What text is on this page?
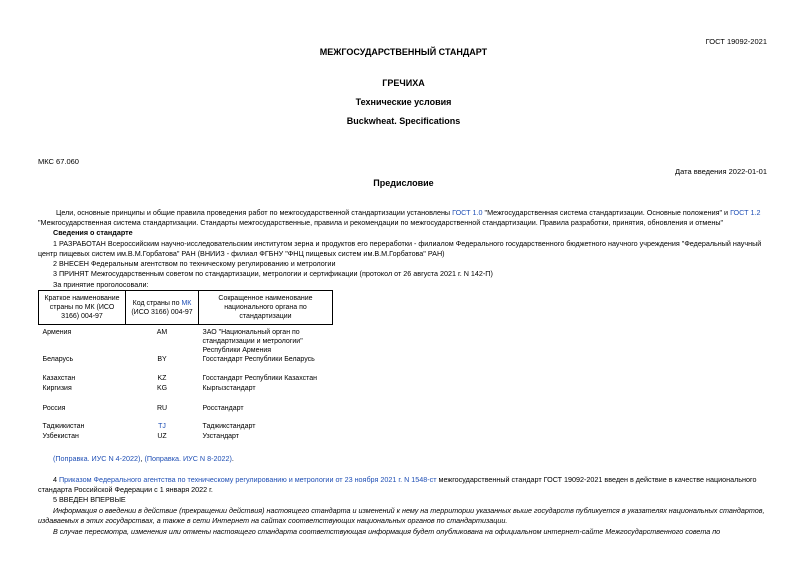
ГОСТ 19092-2021
МЕЖГОСУДАРСТВЕННЫЙ СТАНДАРТ
ГРЕЧИХА
Технические условия
Buckwheat. Specifications
МКС 67.060
Дата введения 2022-01-01
Предисловие
Цели, основные принципы и общие правила проведения работ по межгосударственной стандартизации установлены ГОСТ 1.0 "Межгосударственная система стандартизации. Основные положения" и ГОСТ 1.2 "Межгосударственная система стандартизации. Стандарты межгосударственные, правила и рекомендации по межгосударственной стандартизации. Правила разработки, принятия, обновления и отмены"
Сведения о стандарте
1 РАЗРАБОТАН Всероссийским научно-исследовательским институтом зерна и продуктов его переработки - филиалом Федерального государственного бюджетного научного учреждения "Федеральный научный центр пищевых систем им.В.М.Горбатова" РАН (ВНИИЗ - филиал ФГБНУ "ФНЦ пищевых систем им.В.М.Горбатова" РАН)
2 ВНЕСЕН Федеральным агентством по техническому регулированию и метрологии
3 ПРИНЯТ Межгосударственным советом по стандартизации, метрологии и сертификации (протокол от 26 августа 2021 г. N 142-П)
За принятие проголосовали:
Краткое наименование страны по МК (ИСО 3166) 004-97	Код страны по МК (ИСО 3166) 004-97	Сокращенное наименование национального органа по стандартизации
Армения	AM	ЗАО "Национальный орган по стандартизации и метрологии" Республики Армения
Беларусь	BY	Госстандарт Республики Беларусь
Казахстан	KZ	Госстандарт Республики Казахстан
Киргизия	KG	Кыргызстандарт
Россия	RU	Росстандарт
Таджикистан	TJ	Таджикстандарт
Узбекистан	UZ	Узстандарт
(Поправка. ИУС N 4-2022), (Поправка. ИУС N 8-2022).
4 Приказом Федерального агентства по техническому регулированию и метрологии от 23 ноября 2021 г. N 1548-ст межгосударственный стандарт ГОСТ 19092-2021 введен в действие в качестве национального стандарта Российской Федерации с 1 января 2022 г.
5 ВВЕДЕН ВПЕРВЫЕ
Информация о введении в действие (прекращении действия) настоящего стандарта и изменений к нему на территории указанных выше государств публикуется в указателях национальных стандартов, издаваемых в этих государствах, а также в сети Интернет на сайтах соответствующих национальных органов по стандартизации.
В случае пересмотра, изменения или отмены настоящего стандарта соответствующая информация будет опубликована на официальном интернет-сайте Межгосударственного совета по
